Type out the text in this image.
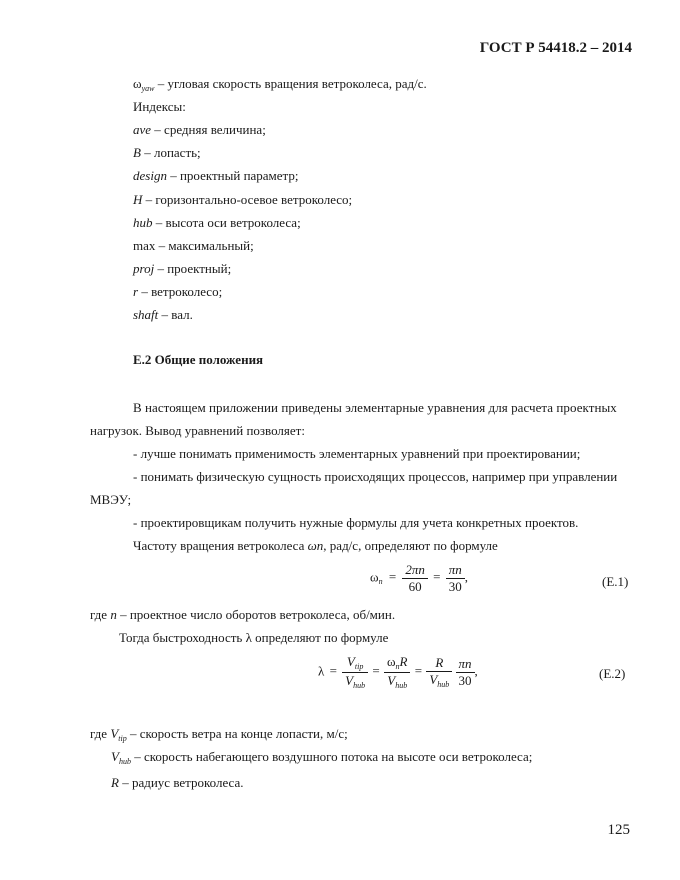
ГОСТ Р 54418.2 – 2014
$\omega_{yaw}$ – угловая скорость вращения ветроколеса, рад/с.
Индексы:
ave – средняя величина;
B – лопасть;
design – проектный параметр;
H – горизонтально-осевое ветроколесо;
hub – высота оси ветроколеса;
max – максимальный;
proj – проектный;
r – ветроколесо;
shaft – вал.
Е.2 Общие положения
В настоящем приложении приведены элементарные уравнения для расчета проектных
нагрузок. Вывод уравнений позволяет:
- лучше понимать применимость элементарных уравнений при проектировании;
- понимать физическую сущность происходящих процессов, например при управлении
МВЭУ;
- проектировщикам получить нужные формулы для учета конкретных проектов.
Частоту вращения ветроколеса ωn, рад/с, определяют по формуле
$\omega_n = \frac{2\pi n}{60} = \frac{\pi n}{30}$ ,	(Е.1)
где n – проектное число оборотов ветроколеса, об/мин.
Тогда быстроходность λ определяют по формуле
$\lambda = \frac{V_{tip}}{V_{hub}} = \frac{\omega_nR}{V_{hub}} = \frac{R}{V_{hub}}$
$\frac{\pi n}{30}$ ,	(Е.2)
где $V_{tip}$ – скорость ветра на конце лопасти, м/с;
$V_{hub}$ – скорость набегающего воздушного потока на высоте оси ветроколеса;
R – радиус ветроколеса.
125
